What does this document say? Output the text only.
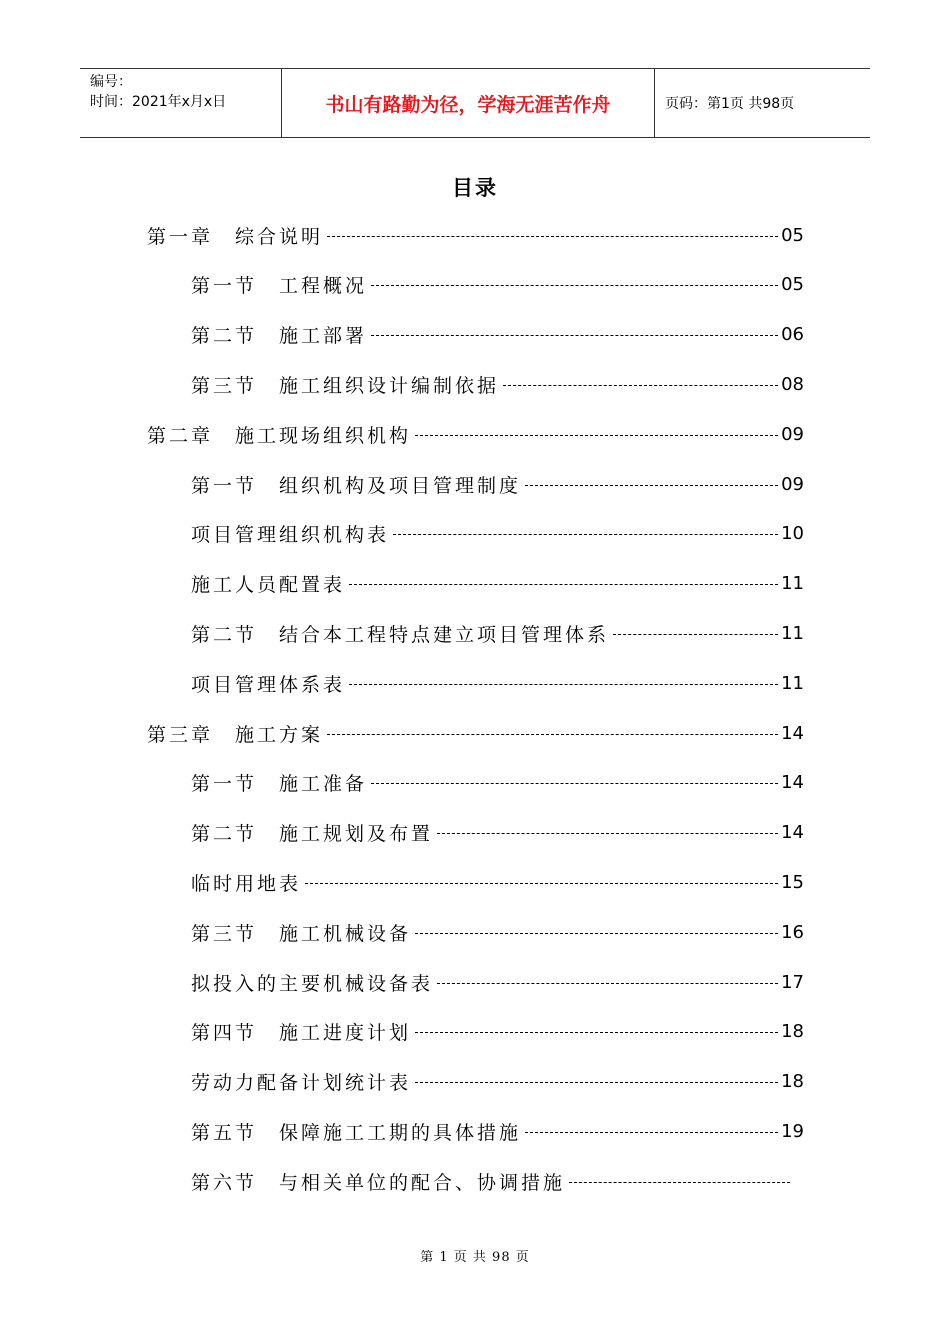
编号：
时间：2021年x月x日	书山有路勤为径，学海无涯苦作舟	页码：第1页 共98页
目录
第一章 综合说明	05
第一节 工程概况	05
第二节 施工部署	06
第三节 施工组织设计编制依据	08
第二章 施工现场组织机构	09
第一节 组织机构及项目管理制度	09
项目管理组织机构表	10
施工人员配置表	11
第二节 结合本工程特点建立项目管理体系	11
项目管理体系表	11
第三章 施工方案	14
第一节 施工准备	14
第二节 施工规划及布置	14
临时用地表	15
第三节 施工机械设备	16
拟投入的主要机械设备表	17
第四节 施工进度计划	18
劳动力配备计划统计表	18
第五节 保障施工工期的具体措施	19
第六节 与相关单位的配合、协调措施
第 1 页 共 98 页
